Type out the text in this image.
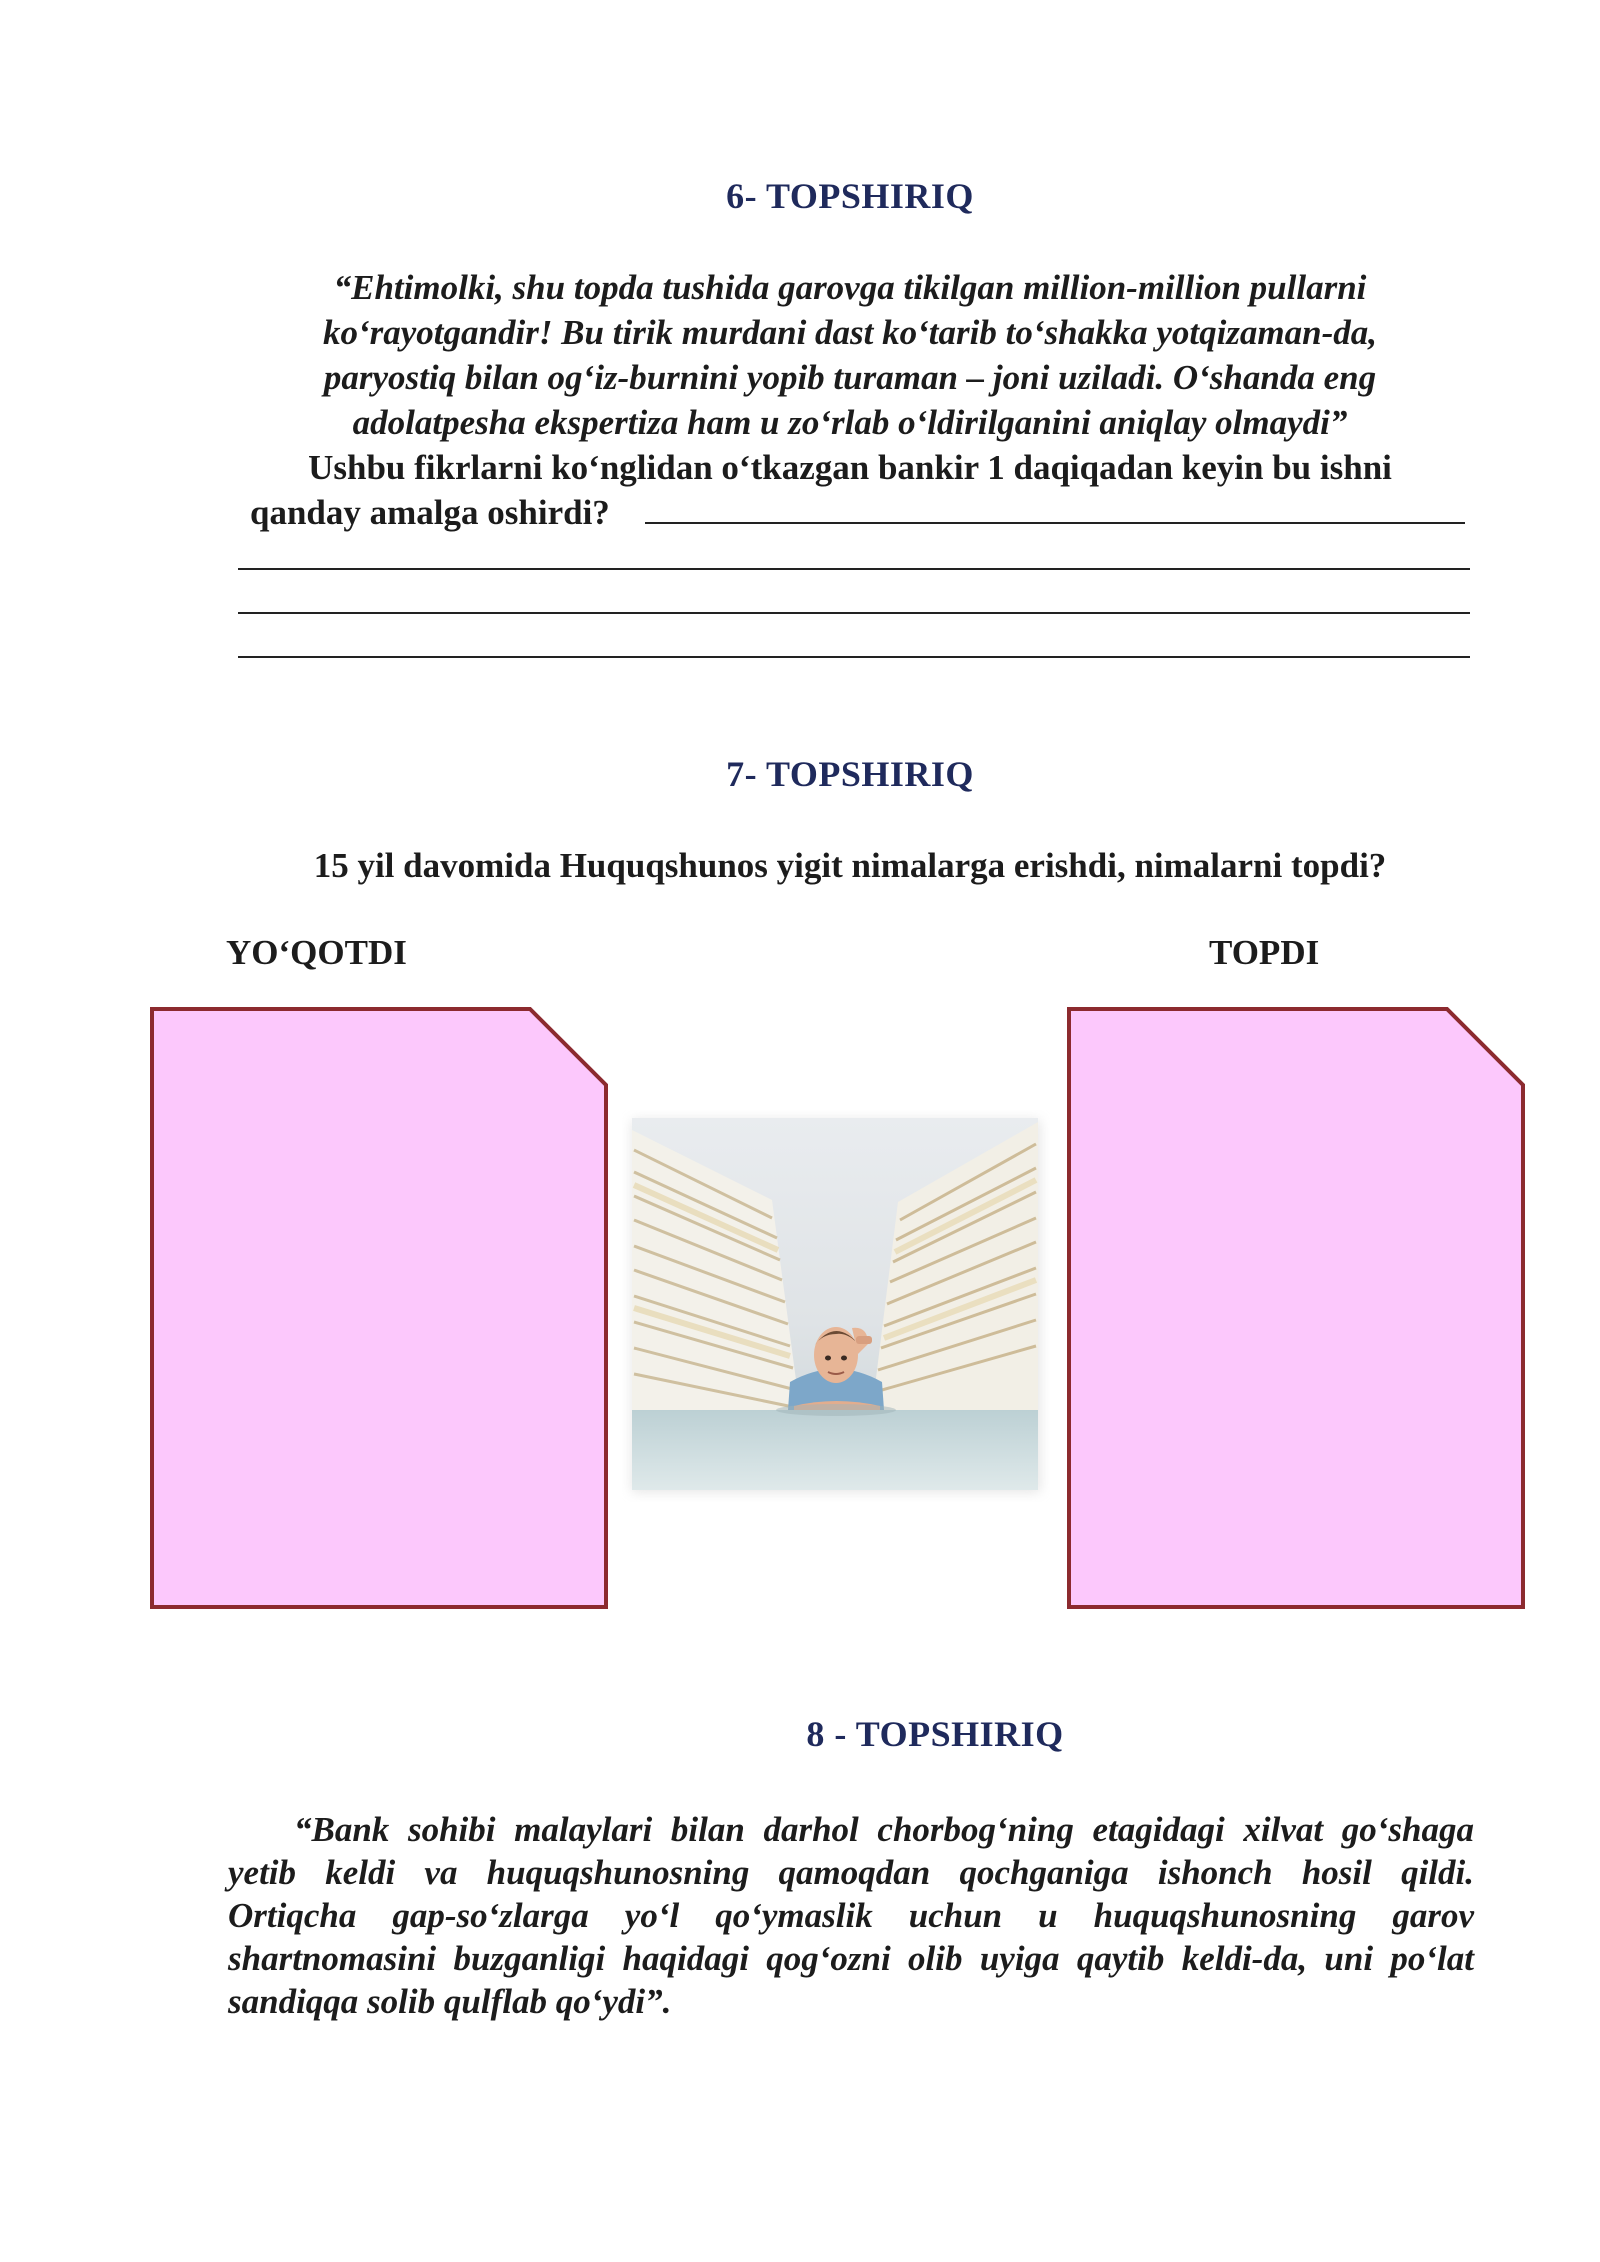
6- TOPSHIRIQ
“Ehtimolki, shu topda tushida garovga tikilgan million-million pullarni
ko‘rayotgandir! Bu tirik murdani dast ko‘tarib to‘shakka yotqizaman-da,
paryostiq bilan og‘iz-burnini yopib turaman – joni uziladi. O‘shanda eng
adolatpesha ekspertiza ham u zo‘rlab o‘ldirilganini aniqlay olmaydi”
Ushbu fikrlarni ko‘nglidan o‘tkazgan bankir 1 daqiqadan keyin bu ishni
qanday amalga oshirdi?
7- TOPSHIRIQ
15 yil davomida Huquqshunos yigit nimalarga erishdi, nimalarni topdi?
YO‘QOTDI	TOPDI
8 - TOPSHIRIQ
“Bank sohibi malaylari bilan darhol chorbog‘ning etagidagi xilvat go‘shaga
yetib keldi va huquqshunosning qamoqdan qochganiga ishonch hosil qildi.
Ortiqcha gap-so‘zlarga yo‘l qo‘ymaslik uchun u huquqshunosning garov
shartnomasini buzganligi haqidagi qog‘ozni olib uyiga qaytib keldi-da, uni po‘lat
sandiqqa solib qulflab qo‘ydi”.
